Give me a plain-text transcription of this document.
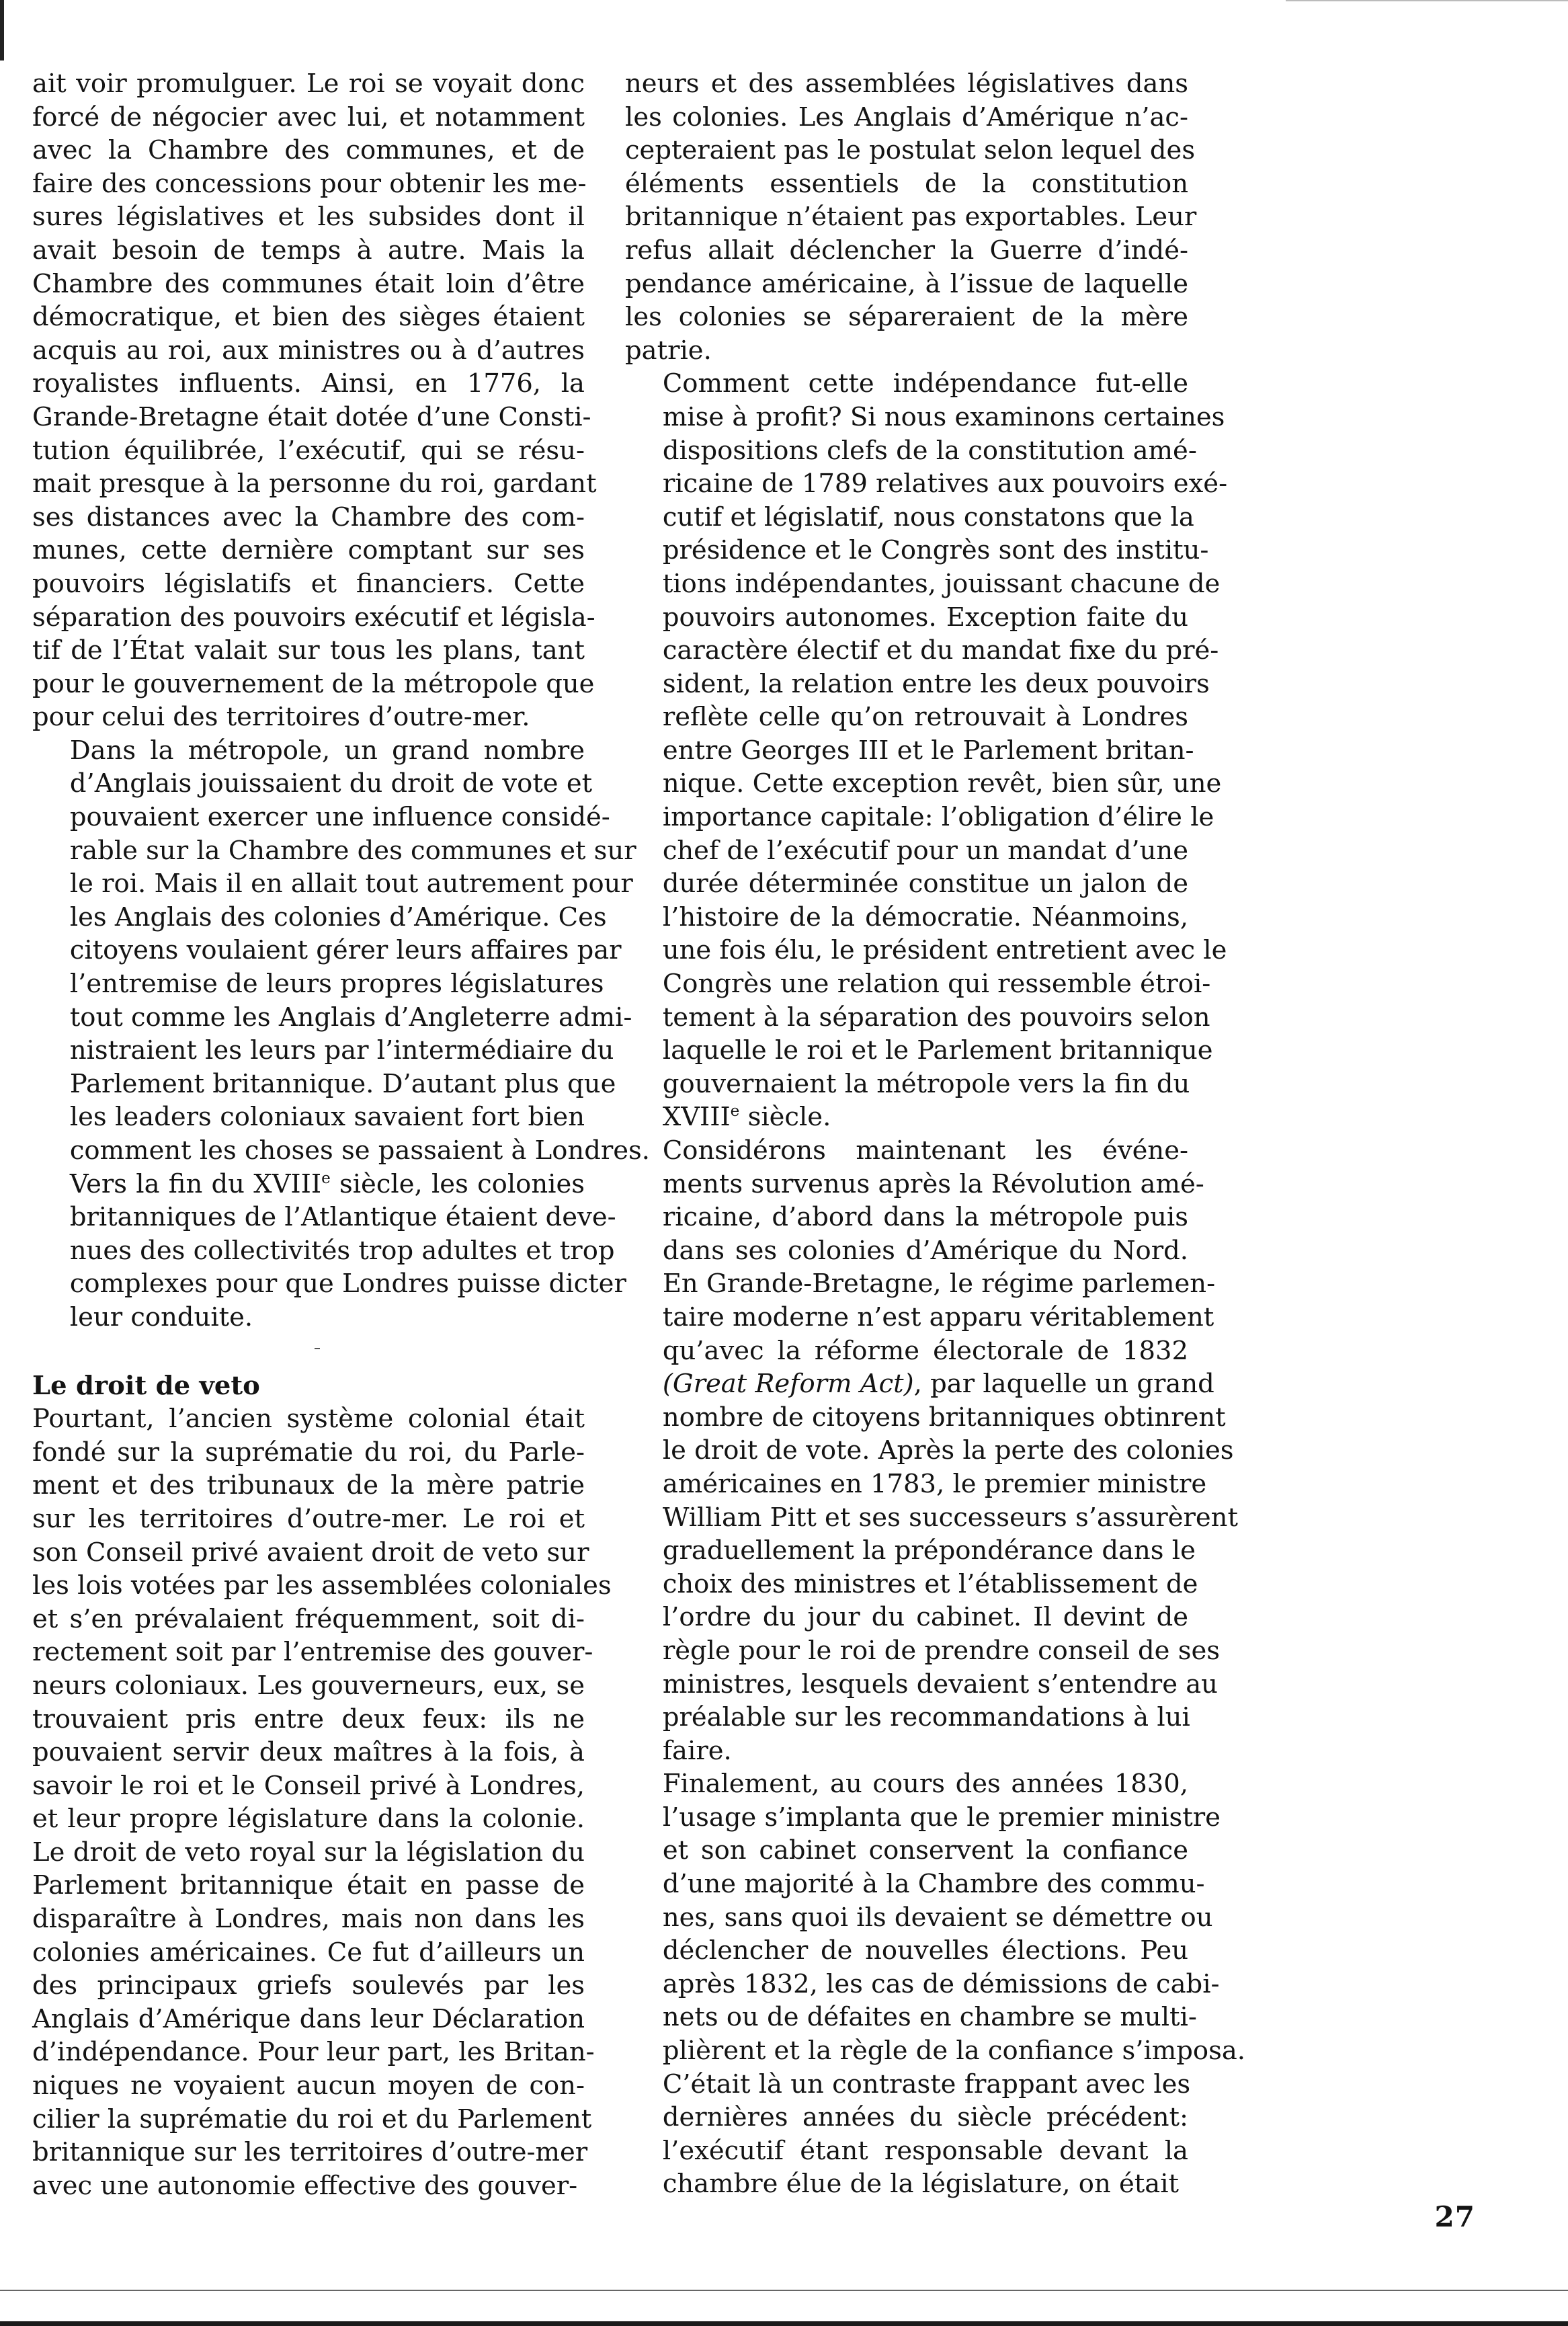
ait voir promulguer. Le roi se voyait donc
forcé de négocier avec lui, et notamment
avec la Chambre des communes, et de
faire des concessions pour obtenir les me-
sures législatives et les subsides dont il
avait besoin de temps à autre. Mais la
Chambre des communes était loin d’être
démocratique, et bien des sièges étaient
acquis au roi, aux ministres ou à d’autres
royalistes influents. Ainsi, en 1776, la
Grande-Bretagne était dotée d’une Consti-
tution équilibrée, l’exécutif, qui se résu-
mait presque à la personne du roi, gardant
ses distances avec la Chambre des com-
munes, cette dernière comptant sur ses
pouvoirs législatifs et financiers. Cette
séparation des pouvoirs exécutif et législa-
tif de l’État valait sur tous les plans, tant
pour le gouvernement de la métropole que
pour celui des territoires d’outre-mer.

Dans la métropole, un grand nombre
d’Anglais jouissaient du droit de vote et
pouvaient exercer une influence considé-
rable sur la Chambre des communes et sur
le roi. Mais il en allait tout autrement pour
les Anglais des colonies d’Amérique. Ces
citoyens voulaient gérer leurs affaires par
l’entremise de leurs propres législatures
tout comme les Anglais d’Angleterre admi-
nistraient les leurs par l’intermédiaire du
Parlement britannique. D’autant plus que
les leaders coloniaux savaient fort bien
comment les choses se passaient à Londres.
Vers la fin du XVIIIe siècle, les colonies
britanniques de l’Atlantique étaient deve-
nues des collectivités trop adultes et trop
complexes pour que Londres puisse dicter
leur conduite.

Le droit de veto

Pourtant, l’ancien système colonial était
fondé sur la suprématie du roi, du Parle-
ment et des tribunaux de la mère patrie
sur les territoires d’outre-mer. Le roi et
son Conseil privé avaient droit de veto sur
les lois votées par les assemblées coloniales
et s’en prévalaient fréquemment, soit di-
rectement soit par l’entremise des gouver-
neurs coloniaux. Les gouverneurs, eux, se
trouvaient pris entre deux feux: ils ne
pouvaient servir deux maîtres à la fois, à
savoir le roi et le Conseil privé à Londres,
et leur propre législature dans la colonie.
Le droit de veto royal sur la législation du
Parlement britannique était en passe de
disparaître à Londres, mais non dans les
colonies américaines. Ce fut d’ailleurs un
des principaux griefs soulevés par les
Anglais d’Amérique dans leur Déclaration
d’indépendance. Pour leur part, les Britan-
niques ne voyaient aucun moyen de con-
cilier la suprématie du roi et du Parlement
britannique sur les territoires d’outre-mer
avec une autonomie effective des gouver-

neurs et des assemblées législatives dans
les colonies. Les Anglais d’Amérique n’ac-
cepteraient pas le postulat selon lequel des
éléments essentiels de la constitution
britannique n’étaient pas exportables. Leur
refus allait déclencher la Guerre d’indé-
pendance américaine, à l’issue de laquelle
les colonies se sépareraient de la mère
patrie.

Comment cette indépendance fut-elle
mise à profit? Si nous examinons certaines
dispositions clefs de la constitution amé-
ricaine de 1789 relatives aux pouvoirs exé-
cutif et législatif, nous constatons que la
présidence et le Congrès sont des institu-
tions indépendantes, jouissant chacune de
pouvoirs autonomes. Exception faite du
caractère électif et du mandat fixe du pré-
sident, la relation entre les deux pouvoirs
reflète celle qu’on retrouvait à Londres
entre Georges III et le Parlement britan-
nique. Cette exception revêt, bien sûr, une
importance capitale: l’obligation d’élire le
chef de l’exécutif pour un mandat d’une
durée déterminée constitue un jalon de
l’histoire de la démocratie. Néanmoins,
une fois élu, le président entretient avec le
Congrès une relation qui ressemble étroi-
tement à la séparation des pouvoirs selon
laquelle le roi et le Parlement britannique
gouvernaient la métropole vers la fin du
XVIIIe siècle.

Considérons maintenant les événe-
ments survenus après la Révolution amé-
ricaine, d’abord dans la métropole puis
dans ses colonies d’Amérique du Nord.
En Grande-Bretagne, le régime parlemen-
taire moderne n’est apparu véritablement
qu’avec la réforme électorale de 1832
(Great Reform Act), par laquelle un grand
nombre de citoyens britanniques obtinrent
le droit de vote. Après la perte des colonies
américaines en 1783, le premier ministre
William Pitt et ses successeurs s’assurèrent
graduellement la prépondérance dans le
choix des ministres et l’établissement de
l’ordre du jour du cabinet. Il devint de
règle pour le roi de prendre conseil de ses
ministres, lesquels devaient s’entendre au
préalable sur les recommandations à lui
faire.

Finalement, au cours des années 1830,
l’usage s’implanta que le premier ministre
et son cabinet conservent la confiance
d’une majorité à la Chambre des commu-
nes, sans quoi ils devaient se démettre ou
déclencher de nouvelles élections. Peu
après 1832, les cas de démissions de cabi-
nets ou de défaites en chambre se multi-
plièrent et la règle de la confiance s’imposa.
C’était là un contraste frappant avec les
dernières années du siècle précédent:
l’exécutif étant responsable devant la
chambre élue de la législature, on était

27
